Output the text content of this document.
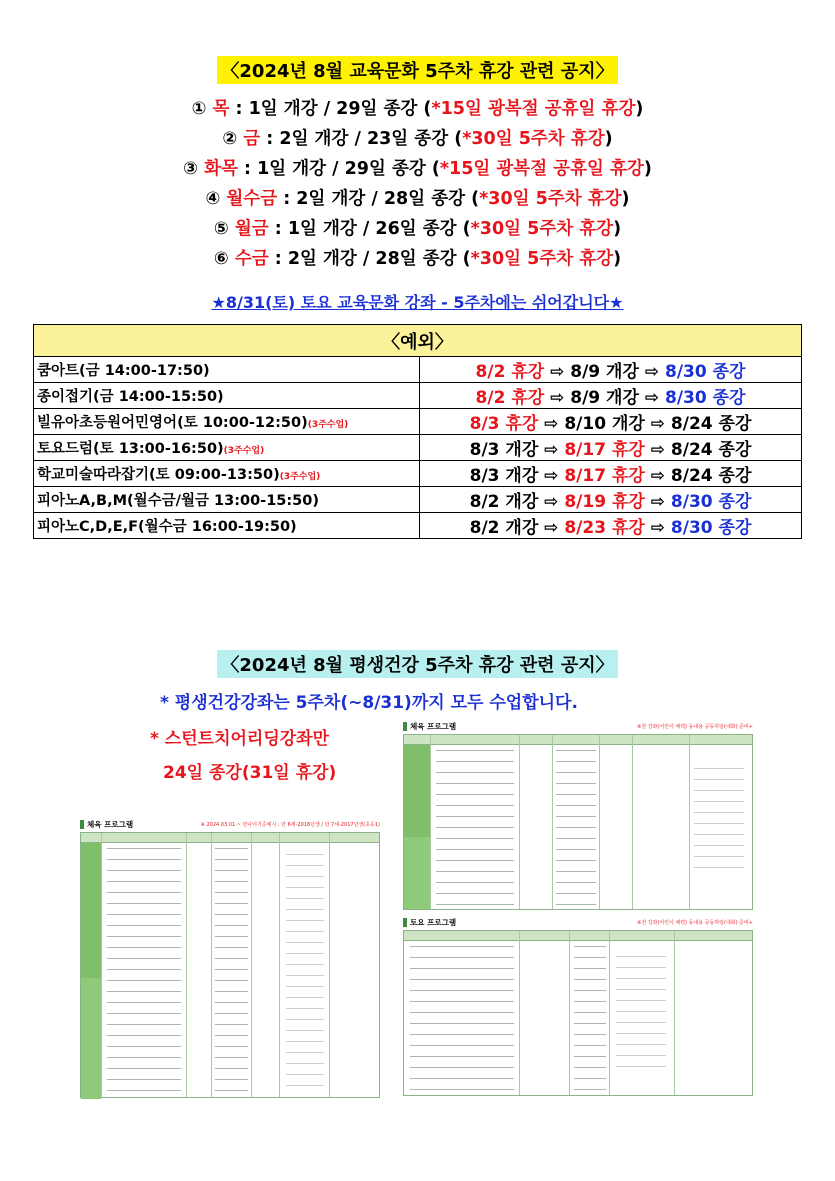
〈2024년 8월 교육문화 5주차 휴강 관련 공지〉
① 목 : 1일 개강 / 29일 종강 (*15일 광복절 공휴일 휴강)
② 금 : 2일 개강 / 23일 종강 (*30일 5주차 휴강)
③ 화목 : 1일 개강 / 29일 종강 (*15일 광복절 공휴일 휴강)
④ 월수금 : 2일 개강 / 28일 종강 (*30일 5주차 휴강)
⑤ 월금 : 1일 개강 / 26일 종강 (*30일 5주차 휴강)
⑥ 수금 : 2일 개강 / 28일 종강 (*30일 5주차 휴강)
★8/31(토) 토요 교육문화 강좌 - 5주차에는 쉬어갑니다★
〈예외〉	
쿰아트(금 14:00-17:50)	8/2 휴강 ⇨ 8/9 개강 ⇨ 8/30 종강
종이접기(금 14:00-15:50)	8/2 휴강 ⇨ 8/9 개강 ⇨ 8/30 종강
빌유아초등원어민영어(토 10:00-12:50)(3주수업)	8/3 휴강 ⇨ 8/10 개강 ⇨ 8/24 종강
토요드럼(토 13:00-16:50)(3주수업)	8/3 개강 ⇨ 8/17 휴강 ⇨ 8/24 종강
학교미술따라잡기(토 09:00-13:50)(3주수업)	8/3 개강 ⇨ 8/17 휴강 ⇨ 8/24 종강
피아노A,B,M(월수금/월금 13:00-15:50)	8/2 개강 ⇨ 8/19 휴강 ⇨ 8/30 종강
피아노C,D,E,F(월수금 16:00-19:50)	8/2 개강 ⇨ 8/23 휴강 ⇨ 8/30 종강
〈2024년 8월 평생건강 5주차 휴강 관련 공지〉
* 평생건강강좌는 5주차(~8/31)까지 모두 수업합니다.
* 스턴트치어리딩강좌만
24일 종강(31일 휴강)
체육 프로그램	※ 2024.03.01.~ 만나이기준예시 : 만 6세-2018년생 / 만 7세-2017년생(초등1)
체육 프로그램	※전 강좌(어린이 체력) 동내용 공동하임(내화) 준비+
토요 프로그램	※전 강좌(어린이 체력) 동내용 공동하임(내화) 준비+
